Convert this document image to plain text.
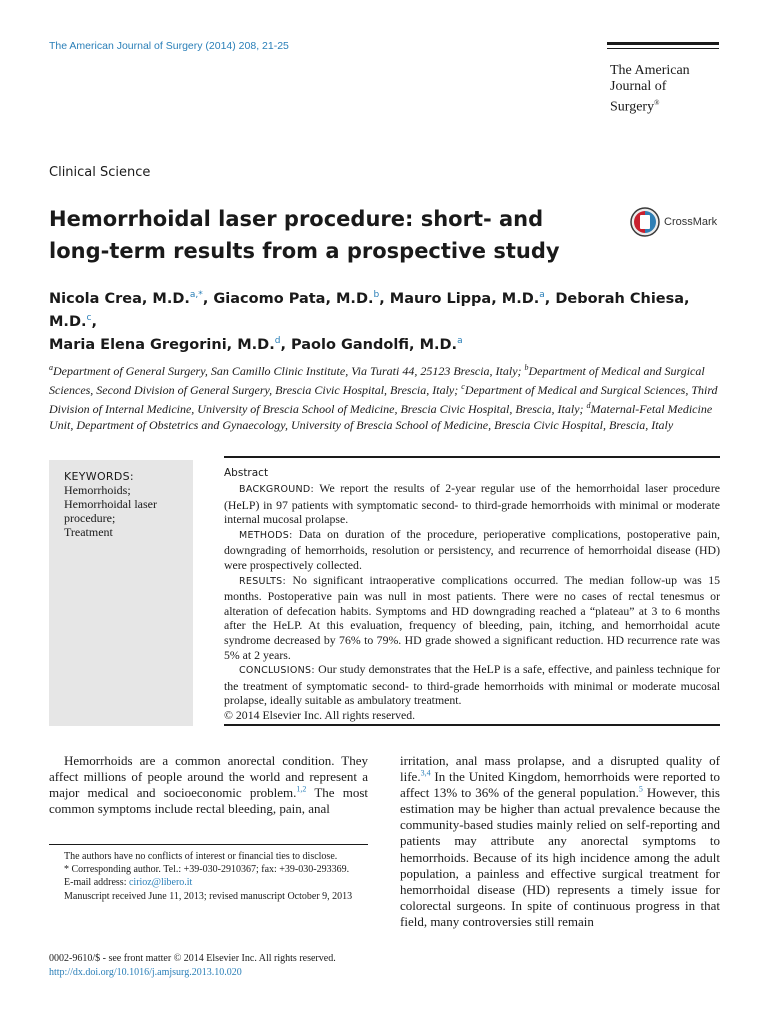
The American Journal of Surgery (2014) 208, 21-25
The American
Journal of Surgery®
Clinical Science
Hemorrhoidal laser procedure: short- and
long-term results from a prospective study
CrossMark
Nicola Crea, M.D.$^{a,*}$, Giacomo Pata, M.D.$^b$, Mauro Lippa, M.D.$^a$, Deborah Chiesa, M.D.$^c$,
Maria Elena Gregorini, M.D.$^d$, Paolo Gandolfi, M.D.$^a$
$^a$Department of General Surgery, San Camillo Clinic Institute, Via Turati 44, 25123 Brescia, Italy; $^b$Department of Medical and Surgical Sciences, Second Division of General Surgery, Brescia Civic Hospital, Brescia, Italy; $^c$Department of Medical and Surgical Sciences, Third Division of Internal Medicine, University of Brescia School of Medicine, Brescia Civic Hospital, Brescia, Italy; $^d$Maternal-Fetal Medicine Unit, Department of Obstetrics and Gynaecology, University of Brescia School of Medicine, Brescia Civic Hospital, Brescia, Italy
KEYWORDS:
Hemorrhoids;
Hemorrhoidal laser
procedure;
Treatment
Abstract

BACKGROUND: We report the results of 2-year regular use of the hemorrhoidal laser procedure (HeLP) in 97 patients with symptomatic second- to third-grade hemorrhoids with minimal or moderate internal mucosal prolapse.

METHODS: Data on duration of the procedure, perioperative complications, postoperative pain, downgrading of hemorrhoids, resolution or persistency, and recurrence of hemorrhoidal disease (HD) were prospectively collected.

RESULTS: No significant intraoperative complications occurred. The median follow-up was 15 months. Postoperative pain was null in most patients. There were no cases of rectal tenesmus or alteration of defecation habits. Symptoms and HD downgrading reached a “plateau” at 3 to 6 months after the HeLP. At this evaluation, frequency of bleeding, pain, itching, and hemorrhoidal acute syndrome decreased by 76% to 79%. HD grade showed a significant reduction. HD recurrence rate was 5% at 2 years.

CONCLUSIONS: Our study demonstrates that the HeLP is a safe, effective, and painless technique for the treatment of symptomatic second- to third-grade hemorrhoids with minimal or moderate mucosal prolapse, ideally suitable as ambulatory treatment.

© 2014 Elsevier Inc. All rights reserved.

Hemorrhoids are a common anorectal condition. They affect millions of people around the world and represent a major medical and socioeconomic problem.$^{1,2}$ The most common symptoms include rectal bleeding, pain, anal

The authors have no conflicts of interest or financial ties to disclose.

* Corresponding author. Tel.: +39-030-2910367; fax: +39-030-293369.

E-mail address: cirioz@libero.it

Manuscript received June 11, 2013; revised manuscript October 9, 2013

irritation, anal mass prolapse, and a disrupted quality of life.$^{3,4}$ In the United Kingdom, hemorrhoids were reported to affect 13% to 36% of the general population.$^5$ However, this estimation may be higher than actual prevalence because the community-based studies mainly relied on self-reporting and patients may attribute any anorectal symptoms to hemorrhoids. Because of its high incidence among the adult population, a painless and effective surgical treatment for hemorrhoidal disease (HD) represents a timely issue for colorectal surgeons. In spite of continuous progress in that field, many controversies still remain
0002-9610/$ - see front matter © 2014 Elsevier Inc. All rights reserved.
http://dx.doi.org/10.1016/j.amjsurg.2013.10.020
